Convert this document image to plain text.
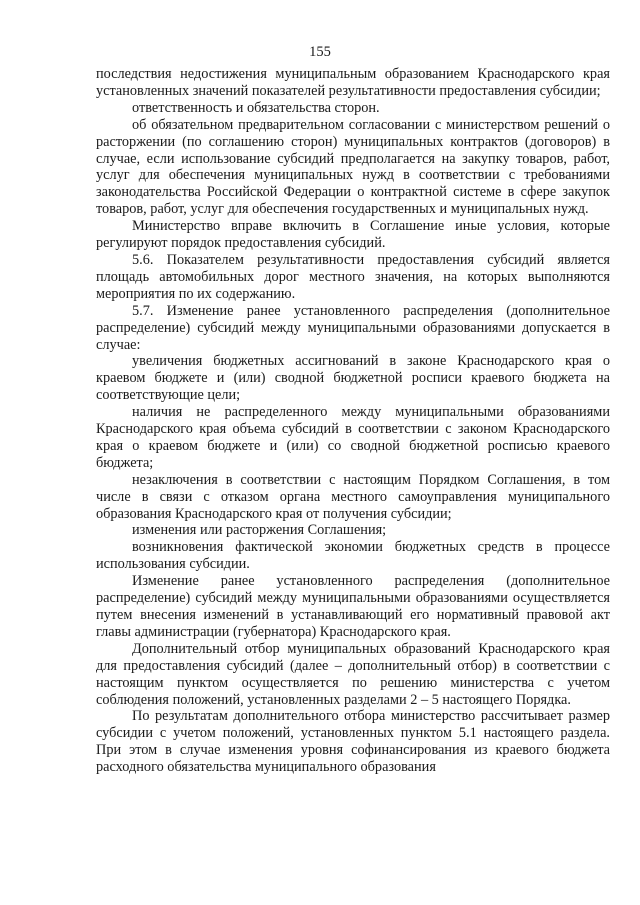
155

последствия недостижения муниципальным образованием Краснодарского края установленных значений показателей результативности предоставления субсидии;

ответственность и обязательства сторон.

об обязательном предварительном согласовании с министерством решений о расторжении (по соглашению сторон) муниципальных контрактов (договоров) в случае, если использование субсидий предполагается на закупку товаров, работ, услуг для обеспечения муниципальных нужд в соответствии с требованиями законодательства Российской Федерации о контрактной системе в сфере закупок товаров, работ, услуг для обеспечения государственных и муниципальных нужд.

Министерство вправе включить в Соглашение иные условия, которые регулируют порядок предоставления субсидий.

5.6. Показателем результативности предоставления субсидий является площадь автомобильных дорог местного значения, на которых выполняются мероприятия по их содержанию.

5.7. Изменение ранее установленного распределения (дополнительное распределение) субсидий между муниципальными образованиями допускается в случае:

увеличения бюджетных ассигнований в законе Краснодарского края о краевом бюджете и (или) сводной бюджетной росписи краевого бюджета на соответствующие цели;

наличия не распределенного между муниципальными образованиями Краснодарского края объема субсидий в соответствии с законом Краснодарского края о краевом бюджете и (или) со сводной бюджетной росписью краевого бюджета;

незаключения в соответствии с настоящим Порядком Соглашения, в том числе в связи с отказом органа местного самоуправления муниципального образования Краснодарского края от получения субсидии;

изменения или расторжения Соглашения;

возникновения фактической экономии бюджетных средств в процессе использования субсидии.

Изменение ранее установленного распределения (дополнительное распределение) субсидий между муниципальными образованиями осуществляется путем внесения изменений в устанавливающий его нормативный правовой акт главы администрации (губернатора) Краснодарского края.

Дополнительный отбор муниципальных образований Краснодарского края для предоставления субсидий (далее – дополнительный отбор) в соответствии с настоящим пунктом осуществляется по решению министерства с учетом соблюдения положений, установленных разделами 2 – 5 настоящего Порядка.

По результатам дополнительного отбора министерство рассчитывает размер субсидии с учетом положений, установленных пунктом 5.1 настоящего раздела. При этом в случае изменения уровня софинансирования из краевого бюджета расходного обязательства муниципального образования
